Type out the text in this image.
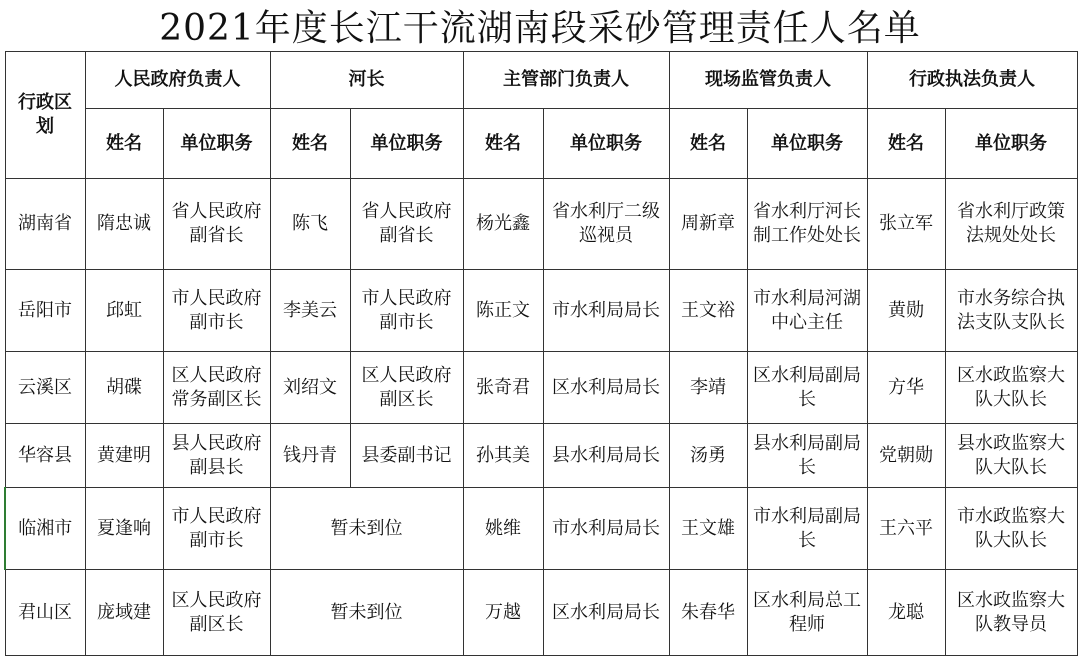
2021年度长江干流湖南段采砂管理责任人名单
行政区划	人民政府负责人		河长		主管部门负责人		现场监管负责人		行政执法负责人	
	姓名	单位职务	姓名	单位职务	姓名	单位职务	姓名	单位职务	姓名	单位职务
湖南省	隋忠诚	省人民政府副省长	陈飞	省人民政府副省长	杨光鑫	省水利厅二级巡视员	周新章	省水利厅河长制工作处处长	张立军	省水利厅政策法规处处长
岳阳市	邱虹	市人民政府副市长	李美云	市人民政府副市长	陈正文	市水利局局长	王文裕	市水利局河湖中心主任	黄勋	市水务综合执法支队支队长
云溪区	胡碟	区人民政府常务副区长	刘绍文	区人民政府副区长	张奇君	区水利局局长	李靖	区水利局副局长	方华	区水政监察大队大队长
华容县	黄建明	县人民政府副县长	钱丹青	县委副书记	孙其美	县水利局局长	汤勇	县水利局副局长	党朝勋	县水政监察大队大队长
临湘市	夏逢响	市人民政府副市长	暂未到位		姚维	市水利局局长	王文雄	市水利局副局长	王六平	市水政监察大队大队长
君山区	庞域建	区人民政府副区长	暂未到位		万越	区水利局局长	朱春华	区水利局总工程师	龙聪	区水政监察大队教导员
